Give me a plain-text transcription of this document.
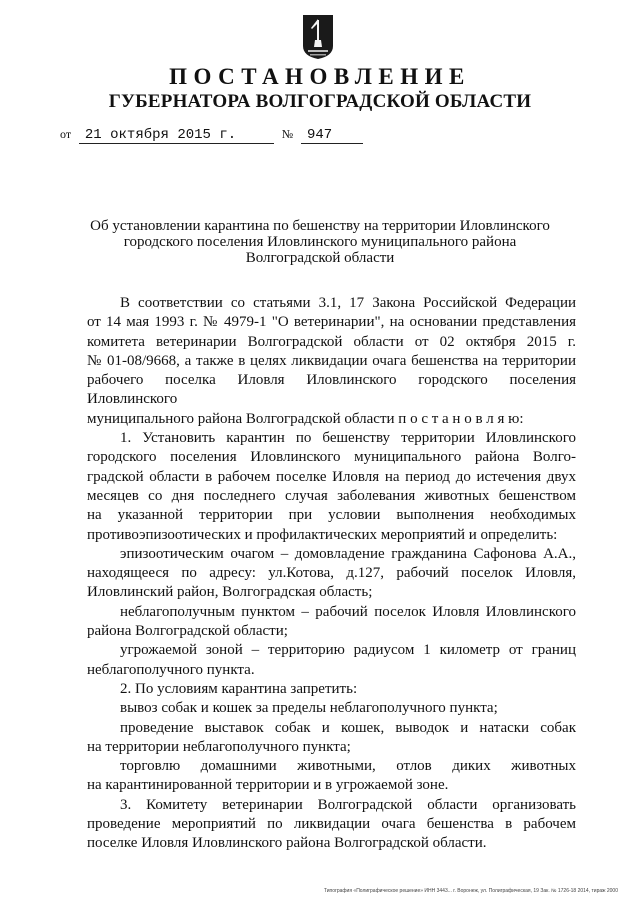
ПОСТАНОВЛЕНИЕ
ГУБЕРНАТОРА ВОЛГОГРАДСКОЙ ОБЛАСТИ
от 21 октября 2015 г.	№ 947
Об установлении карантина по бешенству на территории Иловлинского
городского поселения Иловлинского муниципального района
Волгоградской области

В соответствии со статьями 3.1, 17 Закона Российской Федерации

от 14 мая 1993 г. № 4979-1 "О ветеринарии", на основании представления

комитета ветеринарии Волгоградской области от 02 октября 2015 г.

№ 01-08/9668, а также в целях ликвидации очага бешенства на территории

рабочего поселка Иловля Иловлинского городского поселения Иловлинского

муниципального района Волгоградской области п о с т а н о в л я ю:

1. Установить карантин по бешенству территории Иловлинского

городского поселения Иловлинского муниципального района Волго-

градской области в рабочем поселке Иловля на период до истечения двух

месяцев со дня последнего случая заболевания животных бешенством

на указанной территории при условии выполнения необходимых

противоэпизоотических и профилактических мероприятий и определить:

эпизоотическим очагом – домовладение гражданина Сафонова А.А.,

находящееся по адресу: ул.Котова, д.127, рабочий поселок Иловля,

Иловлинский район, Волгоградская область;

неблагополучным пунктом – рабочий поселок Иловля Иловлинского

района Волгоградской области;

угрожаемой зоной – территорию радиусом 1 километр от границ

неблагополучного пункта.

2. По условиям карантина запретить:

вывоз собак и кошек за пределы неблагополучного пункта;

проведение выставок собак и кошек, выводок и натаски собак

на территории неблагополучного пункта;

торговлю домашними животными, отлов диких животных

на карантинированной территории и в угрожаемой зоне.

3. Комитету ветеринарии Волгоградской области организовать

проведение мероприятий по ликвидации очага бешенства в рабочем

поселке Иловля Иловлинского района Волгоградской области.

Типография «Полиграфическое решение» ИНН 3443... г. Воронеж, ул. Полиграфическая, 19 Зак. № 1726-18 2014, тираж 2000
